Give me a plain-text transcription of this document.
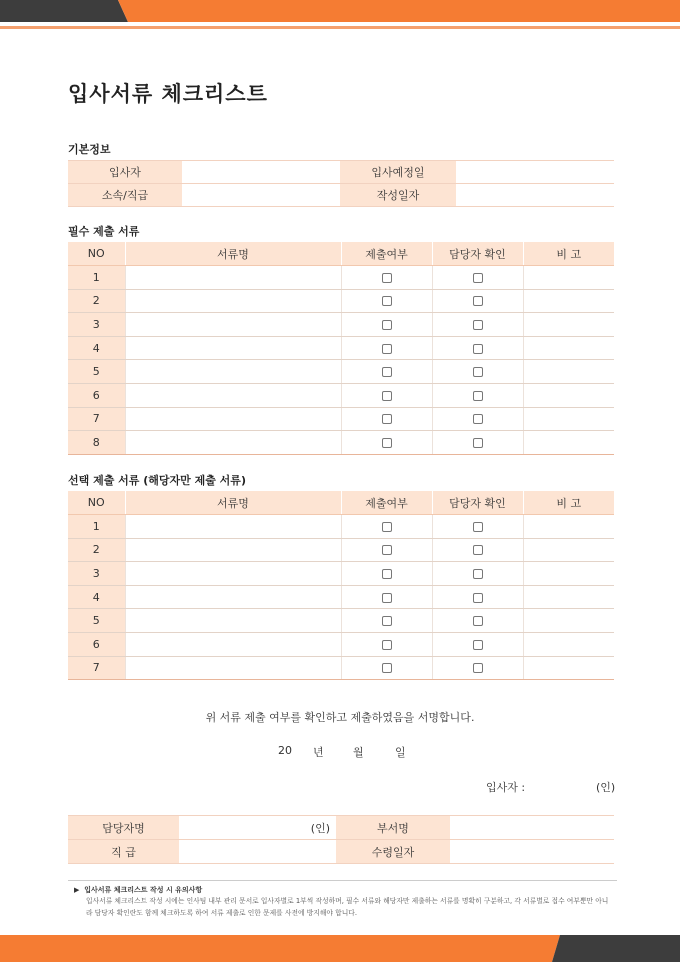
입사서류 체크리스트
기본정보
입사자		입사예정일	
소속/직급		작성일자	
필수 제출 서류
NO	서류명	제출여부	담당자 확인	비 고
1				
2				
3				
4				
5				
6				
7				
8				
선택 제출 서류 (해당자만 제출 서류)
NO	서류명	제출여부	담당자 확인	비 고
1				
2				
3				
4				
5				
6				
7				
위 서류 제출 여부를 확인하고 제출하였음을 서명합니다.
20 년	월	일
입사자 :	(인)
담당자명	(인)	부서명	
직 급		수령일자	
▶ 입사서류 체크리스트 작성 시 유의사항
입사서류 체크리스트 작성 시에는 인사팀 내부 관리 문서로 입사자별로 1부씩 작성하며, 필수 서류와 해당자만 제출하는 서류를 명확히 구분하고, 각 서류별로 접수 여부뿐만 아니라 담당자 확인란도 함께 체크하도록 하여 서류 제출로 인한 문제를 사전에 방지해야 합니다.
